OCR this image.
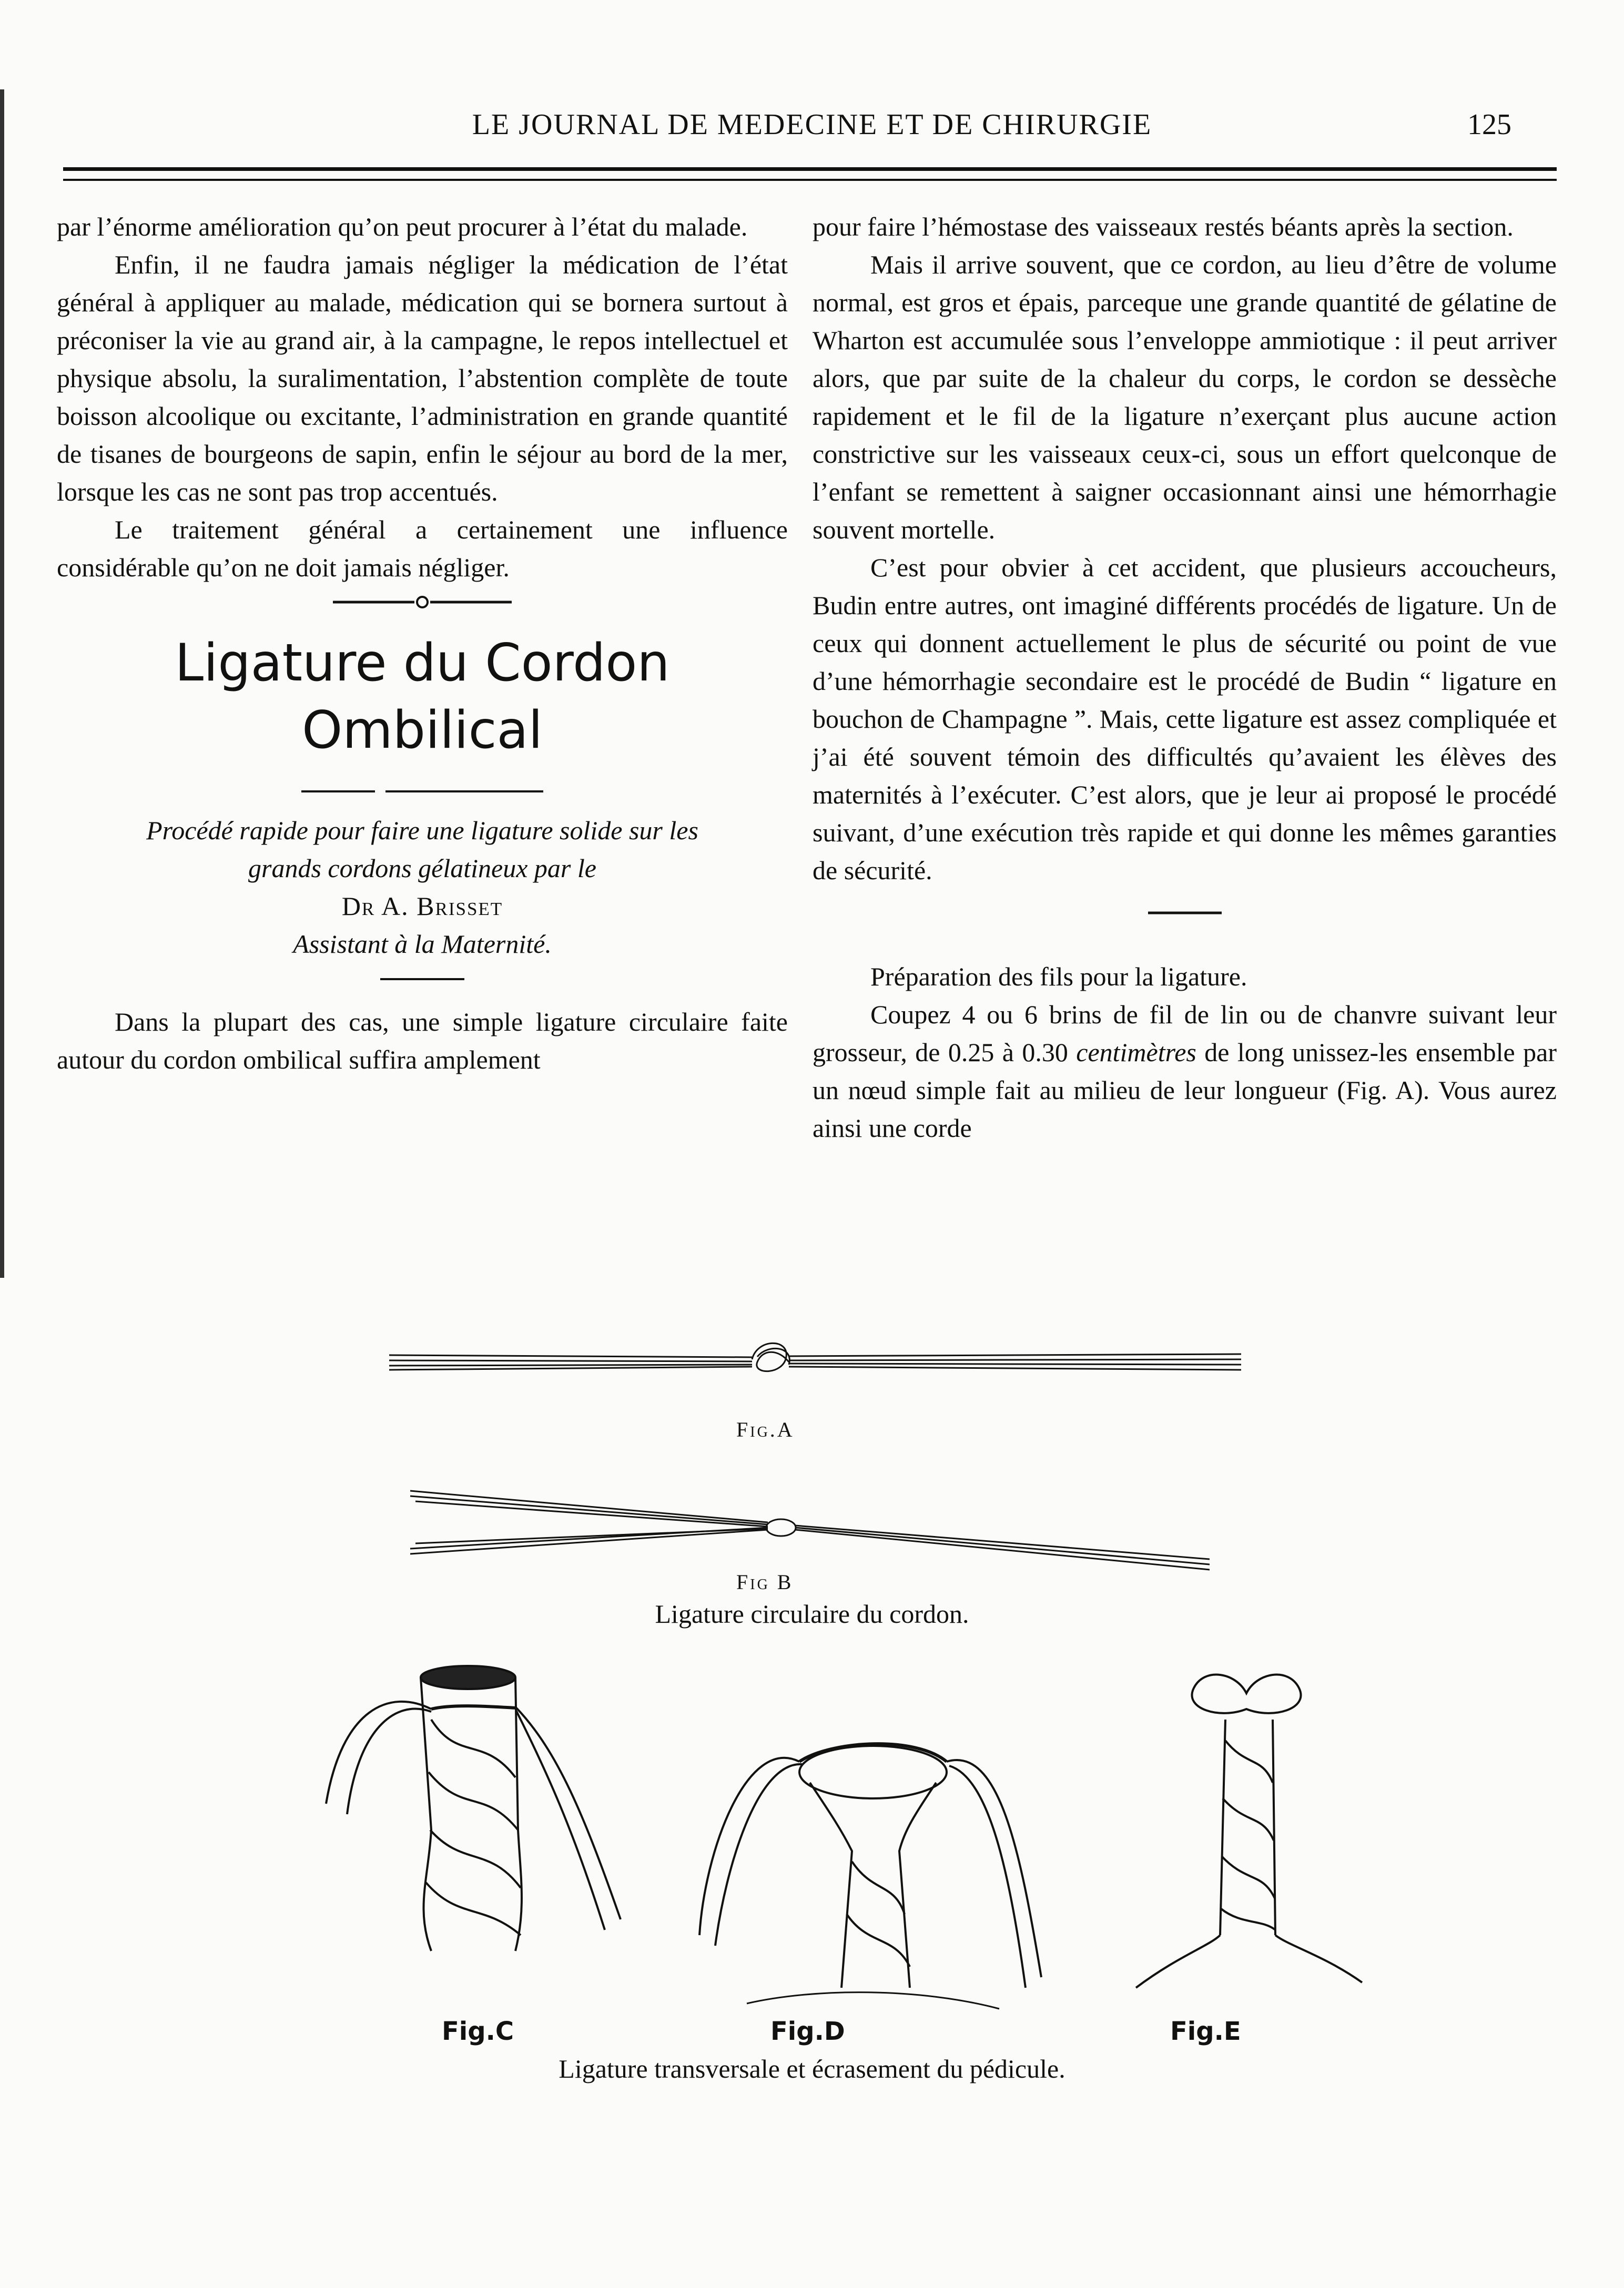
LE JOURNAL DE MEDECINE ET DE CHIRURGIE	125

par l’énorme amélioration qu’on peut procurer à l’état du malade.

Enfin, il ne faudra jamais négliger la médication de l’état général à appliquer au malade, médication qui se bornera surtout à préconiser la vie au grand air, à la campagne, le repos intellectuel et physique absolu, la suralimentation, l’abstention complète de toute boisson alcoolique ou excitante, l’administration en grande quantité de tisanes de bourgeons de sapin, enfin le séjour au bord de la mer, lorsque les cas ne sont pas trop accentués.

Le traitement général a certainement une influence considérable qu’on ne doit jamais négliger.

Ligature du Cordon
Ombilical

Procédé rapide pour faire une ligature solide sur les

grands cordons gélatineux par le

Dr A. Brisset

Assistant à la Maternité.

Dans la plupart des cas, une simple ligature circulaire faite autour du cordon ombilical suffira amplement

pour faire l’hémostase des vaisseaux restés béants après la section.

Mais il arrive souvent, que ce cordon, au lieu d’être de volume normal, est gros et épais, parceque une grande quantité de gélatine de Wharton est accumulée sous l’enveloppe ammiotique : il peut arriver alors, que par suite de la chaleur du corps, le cordon se dessèche rapidement et le fil de la ligature n’exerçant plus aucune action constrictive sur les vaisseaux ceux-ci, sous un effort quelconque de l’enfant se remettent à saigner occasionnant ainsi une hémorrhagie souvent mortelle.

C’est pour obvier à cet accident, que plusieurs accoucheurs, Budin entre autres, ont imaginé différents procédés de ligature. Un de ceux qui donnent actuellement le plus de sécurité ou point de vue d’une hémorrhagie secondaire est le procédé de Budin “ ligature en bouchon de Champagne ”. Mais, cette ligature est assez compliquée et j’ai été souvent témoin des difficultés qu’avaient les élèves des maternités à l’exécuter. C’est alors, que je leur ai proposé le procédé suivant, d’une exécution très rapide et qui donne les mêmes garanties de sécurité.

Préparation des fils pour la ligature.

Coupez 4 ou 6 brins de fil de lin ou de chanvre suivant leur grosseur, de 0.25 à 0.30 centimètres de long unissez-les ensemble par un nœud simple fait au milieu de leur longueur (Fig. A). Vous aurez ainsi une corde

Fig.A
Fig B
Ligature circulaire du cordon.
Fig.C	Fig.D	Fig.E
Ligature transversale et écrasement du pédicule.
